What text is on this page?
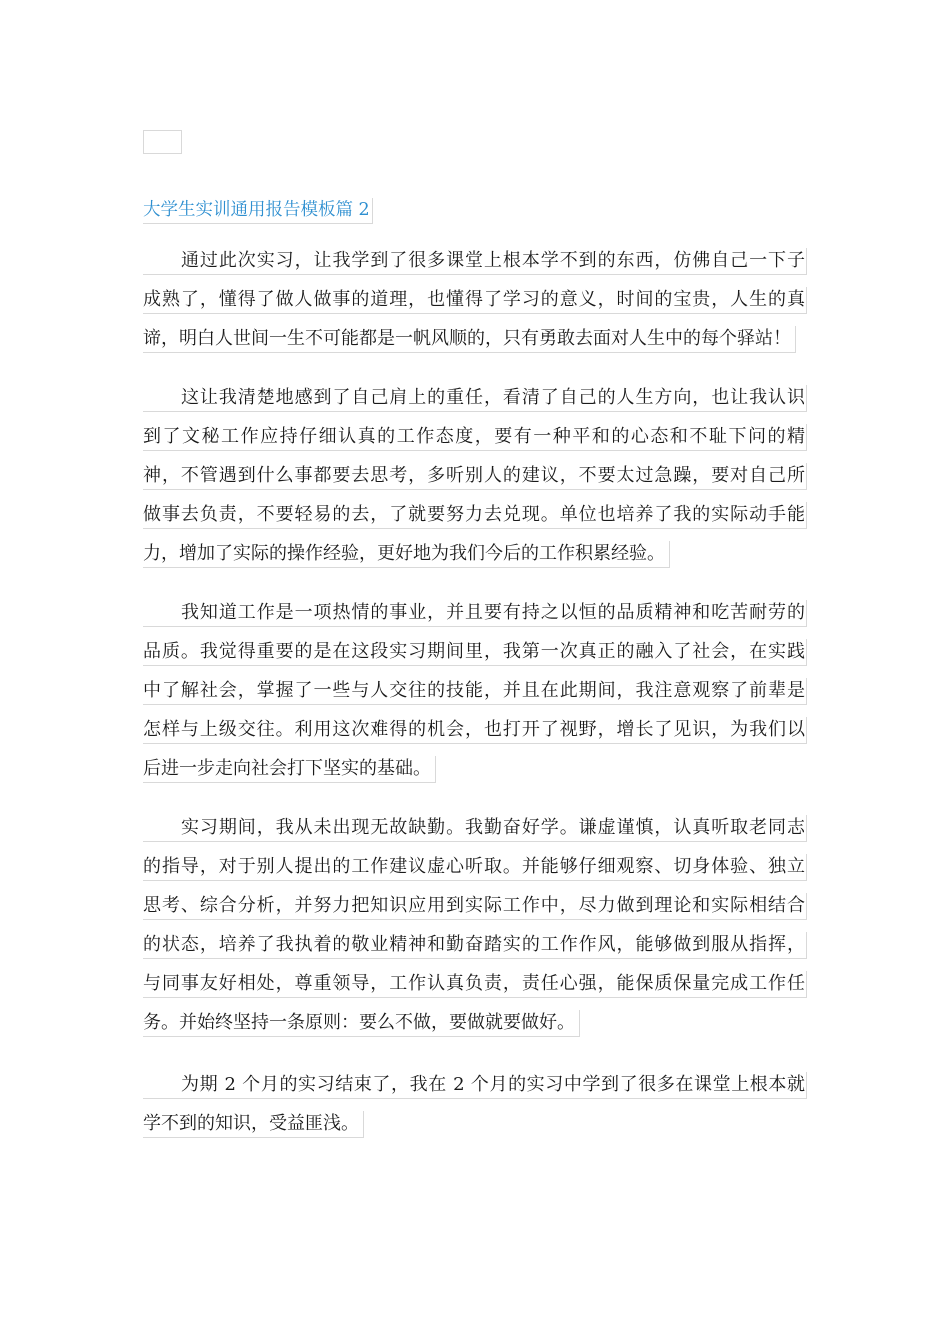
大学生实训通用报告模板篇 2
通过此次实习，让我学到了很多课堂上根本学不到的东西，仿佛自己一下子
成熟了，懂得了做人做事的道理，也懂得了学习的意义，时间的宝贵，人生的真
谛，明白人世间一生不可能都是一帆风顺的，只有勇敢去面对人生中的每个驿站！
这让我清楚地感到了自己肩上的重任，看清了自己的人生方向，也让我认识
到了文秘工作应持仔细认真的工作态度，要有一种平和的心态和不耻下问的精
神，不管遇到什么事都要去思考，多听别人的建议，不要太过急躁，要对自己所
做事去负责，不要轻易的去，了就要努力去兑现。单位也培养了我的实际动手能
力，增加了实际的操作经验，更好地为我们今后的工作积累经验。
我知道工作是一项热情的事业，并且要有持之以恒的品质精神和吃苦耐劳的
品质。我觉得重要的是在这段实习期间里，我第一次真正的融入了社会，在实践
中了解社会，掌握了一些与人交往的技能，并且在此期间，我注意观察了前辈是
怎样与上级交往。利用这次难得的机会，也打开了视野，增长了见识，为我们以
后进一步走向社会打下坚实的基础。
实习期间，我从未出现无故缺勤。我勤奋好学。谦虚谨慎，认真听取老同志
的指导，对于别人提出的工作建议虚心听取。并能够仔细观察、切身体验、独立
思考、综合分析，并努力把知识应用到实际工作中，尽力做到理论和实际相结合
的状态，培养了我执着的敬业精神和勤奋踏实的工作作风，能够做到服从指挥，
与同事友好相处，尊重领导，工作认真负责，责任心强，能保质保量完成工作任
务。并始终坚持一条原则：要么不做，要做就要做好。
为期 2 个月的实习结束了，我在 2 个月的实习中学到了很多在课堂上根本就
学不到的知识，受益匪浅。
